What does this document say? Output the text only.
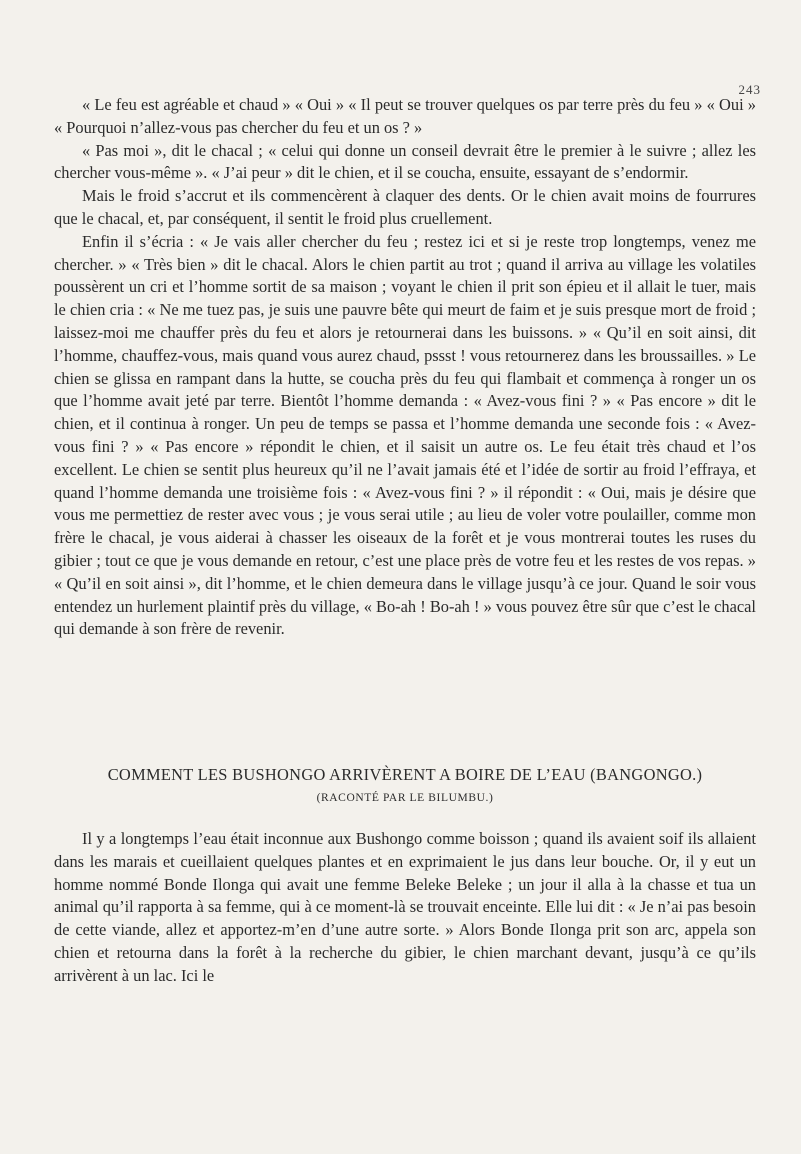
243

« Le feu est agréable et chaud » « Oui » « Il peut se trouver quelques os par terre près du feu » « Oui » « Pourquoi n’allez-vous pas chercher du feu et un os ? »

« Pas moi », dit le chacal ; « celui qui donne un conseil devrait être le premier à le suivre ; allez les chercher vous-même ». « J’ai peur » dit le chien, et il se coucha, ensuite, essayant de s’endormir.

Mais le froid s’accrut et ils commencèrent à claquer des dents. Or le chien avait moins de fourrures que le chacal, et, par conséquent, il sentit le froid plus cruellement.

Enfin il s’écria : « Je vais aller chercher du feu ; restez ici et si je reste trop longtemps, venez me chercher. » « Très bien » dit le chacal. Alors le chien partit au trot ; quand il arriva au village les volatiles poussèrent un cri et l’homme sortit de sa maison ; voyant le chien il prit son épieu et il allait le tuer, mais le chien cria : « Ne me tuez pas, je suis une pauvre bête qui meurt de faim et je suis presque mort de froid ; laissez-moi me chauffer près du feu et alors je retournerai dans les buissons. » « Qu’il en soit ainsi, dit l’homme, chauffez-vous, mais quand vous aurez chaud, pssst ! vous retournerez dans les broussailles. » Le chien se glissa en rampant dans la hutte, se coucha près du feu qui flambait et commença à ronger un os que l’homme avait jeté par terre. Bientôt l’homme demanda : « Avez-vous fini ? » « Pas encore » dit le chien, et il continua à ronger. Un peu de temps se passa et l’homme demanda une seconde fois : « Avez-vous fini ? » « Pas encore » répondit le chien, et il saisit un autre os. Le feu était très chaud et l’os excellent. Le chien se sentit plus heureux qu’il ne l’avait jamais été et l’idée de sortir au froid l’effraya, et quand l’homme demanda une troisième fois : « Avez-vous fini ? » il répondit : « Oui, mais je désire que vous me permettiez de rester avec vous ; je vous serai utile ; au lieu de voler votre poulailler, comme mon frère le chacal, je vous aiderai à chasser les oiseaux de la forêt et je vous montrerai toutes les ruses du gibier ; tout ce que je vous demande en retour, c’est une place près de votre feu et les restes de vos repas. » « Qu’il en soit ainsi », dit l’homme, et le chien demeura dans le village jusqu’à ce jour. Quand le soir vous entendez un hurlement plaintif près du village, « Bo-ah ! Bo-ah ! » vous pouvez être sûr que c’est le chacal qui demande à son frère de revenir.

COMMENT LES BUSHONGO ARRIVÈRENT A BOIRE DE L’EAU (BANGONGO.)
(RACONTÉ PAR LE BILUMBU.)

Il y a longtemps l’eau était inconnue aux Bushongo comme boisson ; quand ils avaient soif ils allaient dans les marais et cueillaient quelques plantes et en exprimaient le jus dans leur bouche. Or, il y eut un homme nommé Bonde Ilonga qui avait une femme Beleke Beleke ; un jour il alla à la chasse et tua un animal qu’il rapporta à sa femme, qui à ce moment-là se trouvait enceinte. Elle lui dit : « Je n’ai pas besoin de cette viande, allez et apportez-m’en d’une autre sorte. » Alors Bonde Ilonga prit son arc, appela son chien et retourna dans la forêt à la recherche du gibier, le chien marchant devant, jusqu’à ce qu’ils arrivèrent à un lac. Ici le
